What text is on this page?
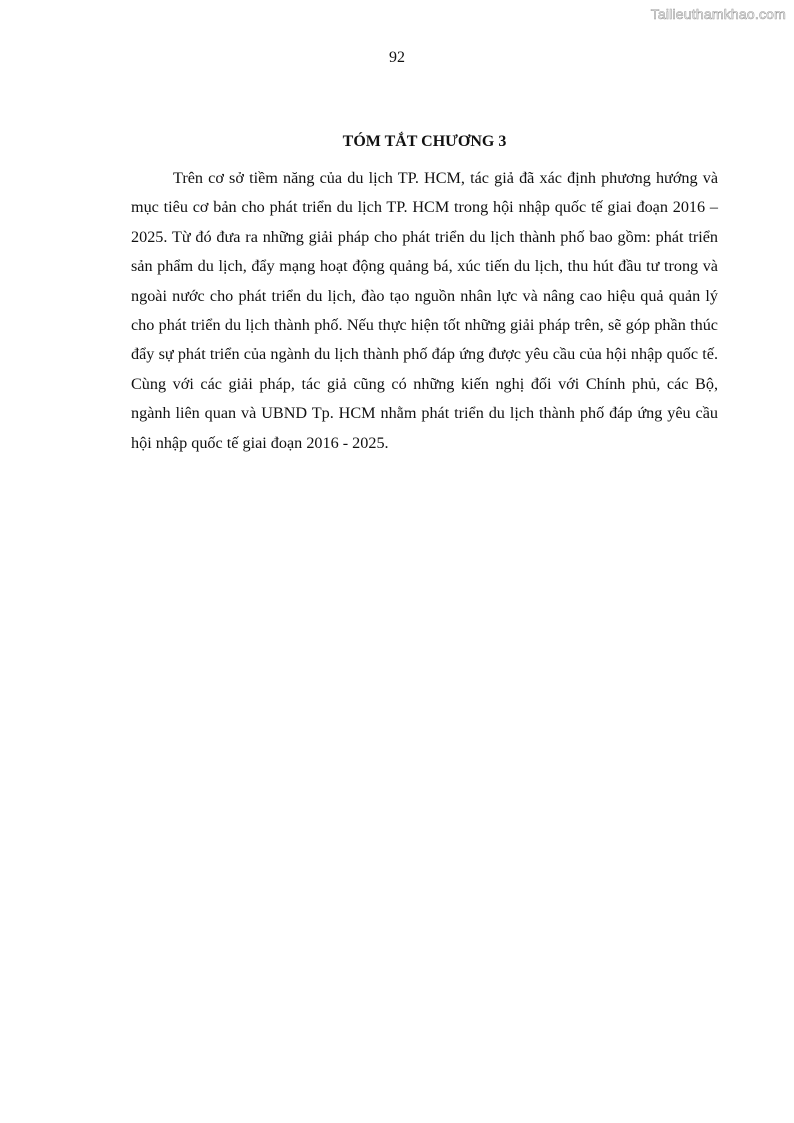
Tailieuthamkhao.com
92
TÓM TẮT CHƯƠNG 3

Trên cơ sở tiềm năng của du lịch TP. HCM, tác giả đã xác định phương hướng và mục tiêu cơ bản cho phát triển du lịch TP. HCM trong hội nhập quốc tế giai đoạn 2016 – 2025. Từ đó đưa ra những giải pháp cho phát triển du lịch thành phố bao gồm: phát triển sản phẩm du lịch, đẩy mạng hoạt động quảng bá, xúc tiến du lịch, thu hút đầu tư trong và ngoài nước cho phát triển du lịch, đào tạo nguồn nhân lực và nâng cao hiệu quả quản lý cho phát triển du lịch thành phố. Nếu thực hiện tốt những giải pháp trên, sẽ góp phần thúc đẩy sự phát triển của ngành du lịch thành phố đáp ứng được yêu cầu của hội nhập quốc tế. Cùng với các giải pháp, tác giả cũng có những kiến nghị đối với Chính phủ, các Bộ, ngành liên quan và UBND Tp. HCM nhằm phát triển du lịch thành phố đáp ứng yêu cầu hội nhập quốc tế giai đoạn 2016 - 2025.
